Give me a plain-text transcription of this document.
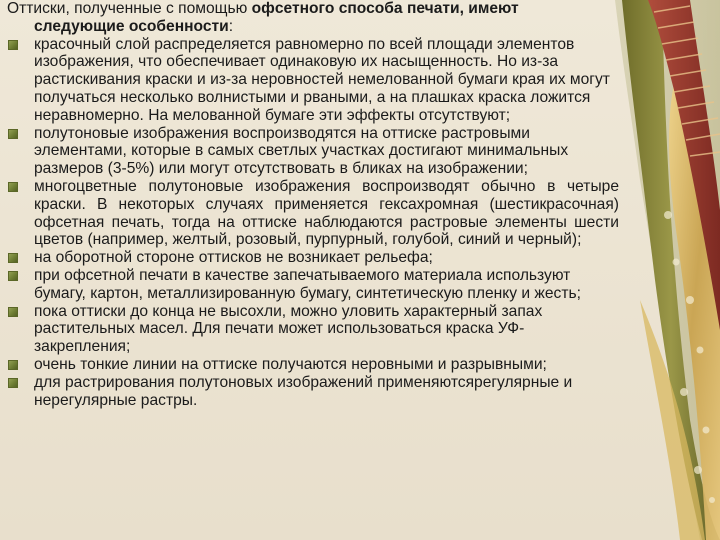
Оттиски, полученные с помощью офсетного способа печати, имеют
следующие особенности:
красочный слой распределяется равномерно по всей площади элементов изображения, что обеспечивает одинаковую их насыщенность. Но из-за растискивания краски и из-за неровностей немелованной бумаги края их могут получаться несколько волнистыми и рваными, а на плашках краска ложится неравномерно. На мелованной бумаге эти эффекты отсутствуют;
полутоновые изображения воспроизводятся на оттиске растровыми элементами, которые в самых светлых участках достигают минимальных размеров (3-5%) или могут отсутствовать в бликах на изображении;
многоцветные полутоновые изображения воспроизводят обычно в четыре краски. В некоторых случаях применяется гексахромная (шестикрасочная) офсетная печать, тогда на оттиске наблюдаются растровые элементы шести цветов (например, желтый, розовый, пурпурный, голубой, синий и черный);
на оборотной стороне оттисков не возникает рельефа;
при офсетной печати в качестве запечатываемого материала используют бумагу, картон, металлизированную бумагу, синтетическую пленку и жесть;
пока оттиски до конца не высохли, можно уловить характерный запах растительных масел. Для печати может использоваться краска УФ- закрепления;
очень тонкие линии на оттиске получаются неровными и разрывными;
для растрирования полутоновых изображений применяютсярегулярные и нерегулярные растры.
